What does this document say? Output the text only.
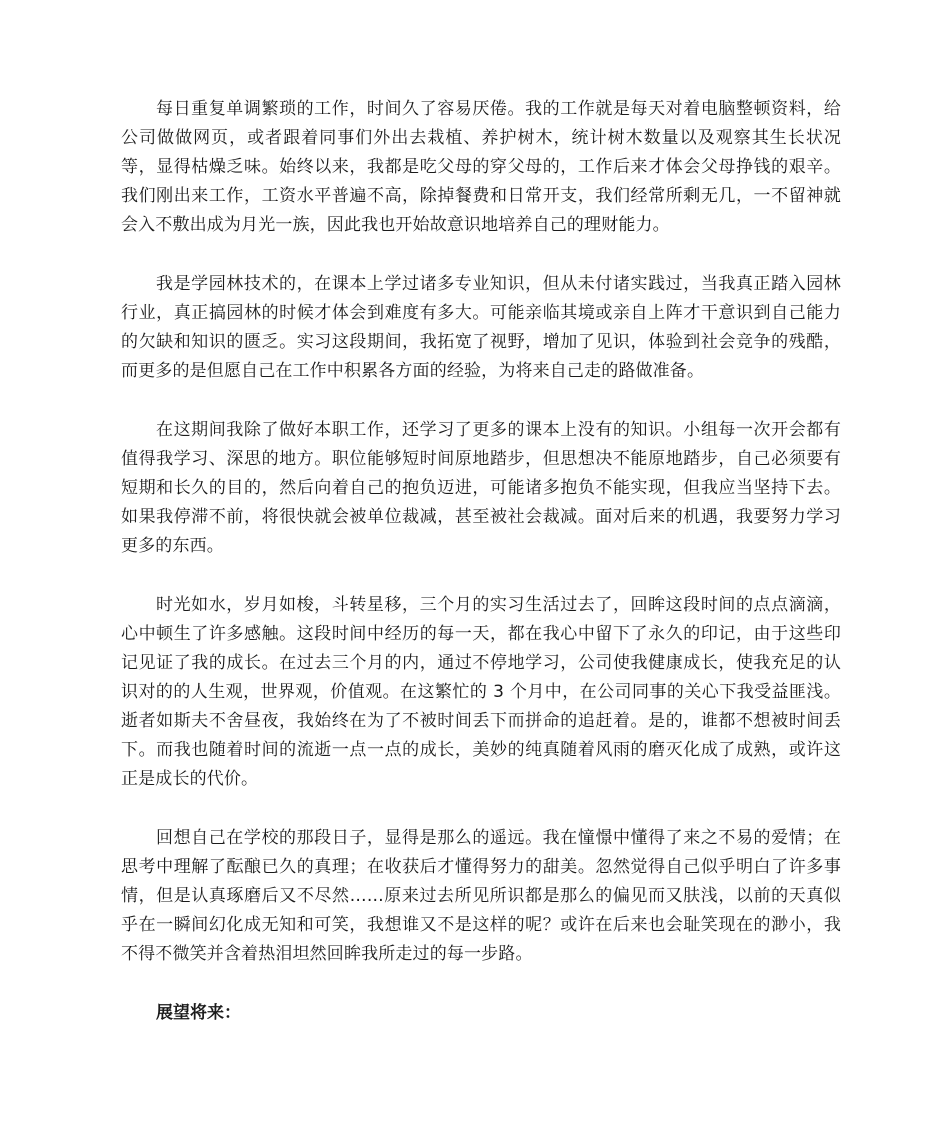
每日重复单调繁琐的工作，时间久了容易厌倦。我的工作就是每天对着电脑整顿资料，给公司做做网页，或者跟着同事们外出去栽植、养护树木，统计树木数量以及观察其生长状况等，显得枯燥乏味。始终以来，我都是吃父母的穿父母的，工作后来才体会父母挣钱的艰辛。我们刚出来工作，工资水平普遍不高，除掉餐费和日常开支，我们经常所剩无几，一不留神就会入不敷出成为月光一族，因此我也开始故意识地培养自己的理财能力。

我是学园林技术的，在课本上学过诸多专业知识，但从未付诸实践过，当我真正踏入园林行业，真正搞园林的时候才体会到难度有多大。可能亲临其境或亲自上阵才干意识到自己能力的欠缺和知识的匮乏。实习这段期间，我拓宽了视野，增加了见识，体验到社会竞争的残酷，而更多的是但愿自己在工作中积累各方面的经验，为将来自己走的路做准备。

在这期间我除了做好本职工作，还学习了更多的课本上没有的知识。小组每一次开会都有值得我学习、深思的地方。职位能够短时间原地踏步，但思想决不能原地踏步，自己必须要有短期和长久的目的，然后向着自己的抱负迈进，可能诸多抱负不能实现，但我应当坚持下去。如果我停滞不前，将很快就会被单位裁减，甚至被社会裁减。面对后来的机遇，我要努力学习更多的东西。

时光如水，岁月如梭，斗转星移，三个月的实习生活过去了，回眸这段时间的点点滴滴，心中顿生了许多感触。这段时间中经历的每一天，都在我心中留下了永久的印记，由于这些印记见证了我的成长。在过去三个月的内，通过不停地学习，公司使我健康成长，使我充足的认识对的的人生观，世界观，价值观。在这繁忙的 3 个月中，在公司同事的关心下我受益匪浅。逝者如斯夫不舍昼夜，我始终在为了不被时间丢下而拼命的追赶着。是的，谁都不想被时间丢下。而我也随着时间的流逝一点一点的成长，美妙的纯真随着风雨的磨灭化成了成熟，或许这正是成长的代价。

回想自己在学校的那段日子，显得是那么的遥远。我在憧憬中懂得了来之不易的爱情；在思考中理解了酝酿已久的真理；在收获后才懂得努力的甜美。忽然觉得自己似乎明白了许多事情，但是认真琢磨后又不尽然……原来过去所见所识都是那么的偏见而又肤浅，以前的天真似乎在一瞬间幻化成无知和可笑，我想谁又不是这样的呢？或许在后来也会耻笑现在的渺小，我不得不微笑并含着热泪坦然回眸我所走过的每一步路。

展望将来：
